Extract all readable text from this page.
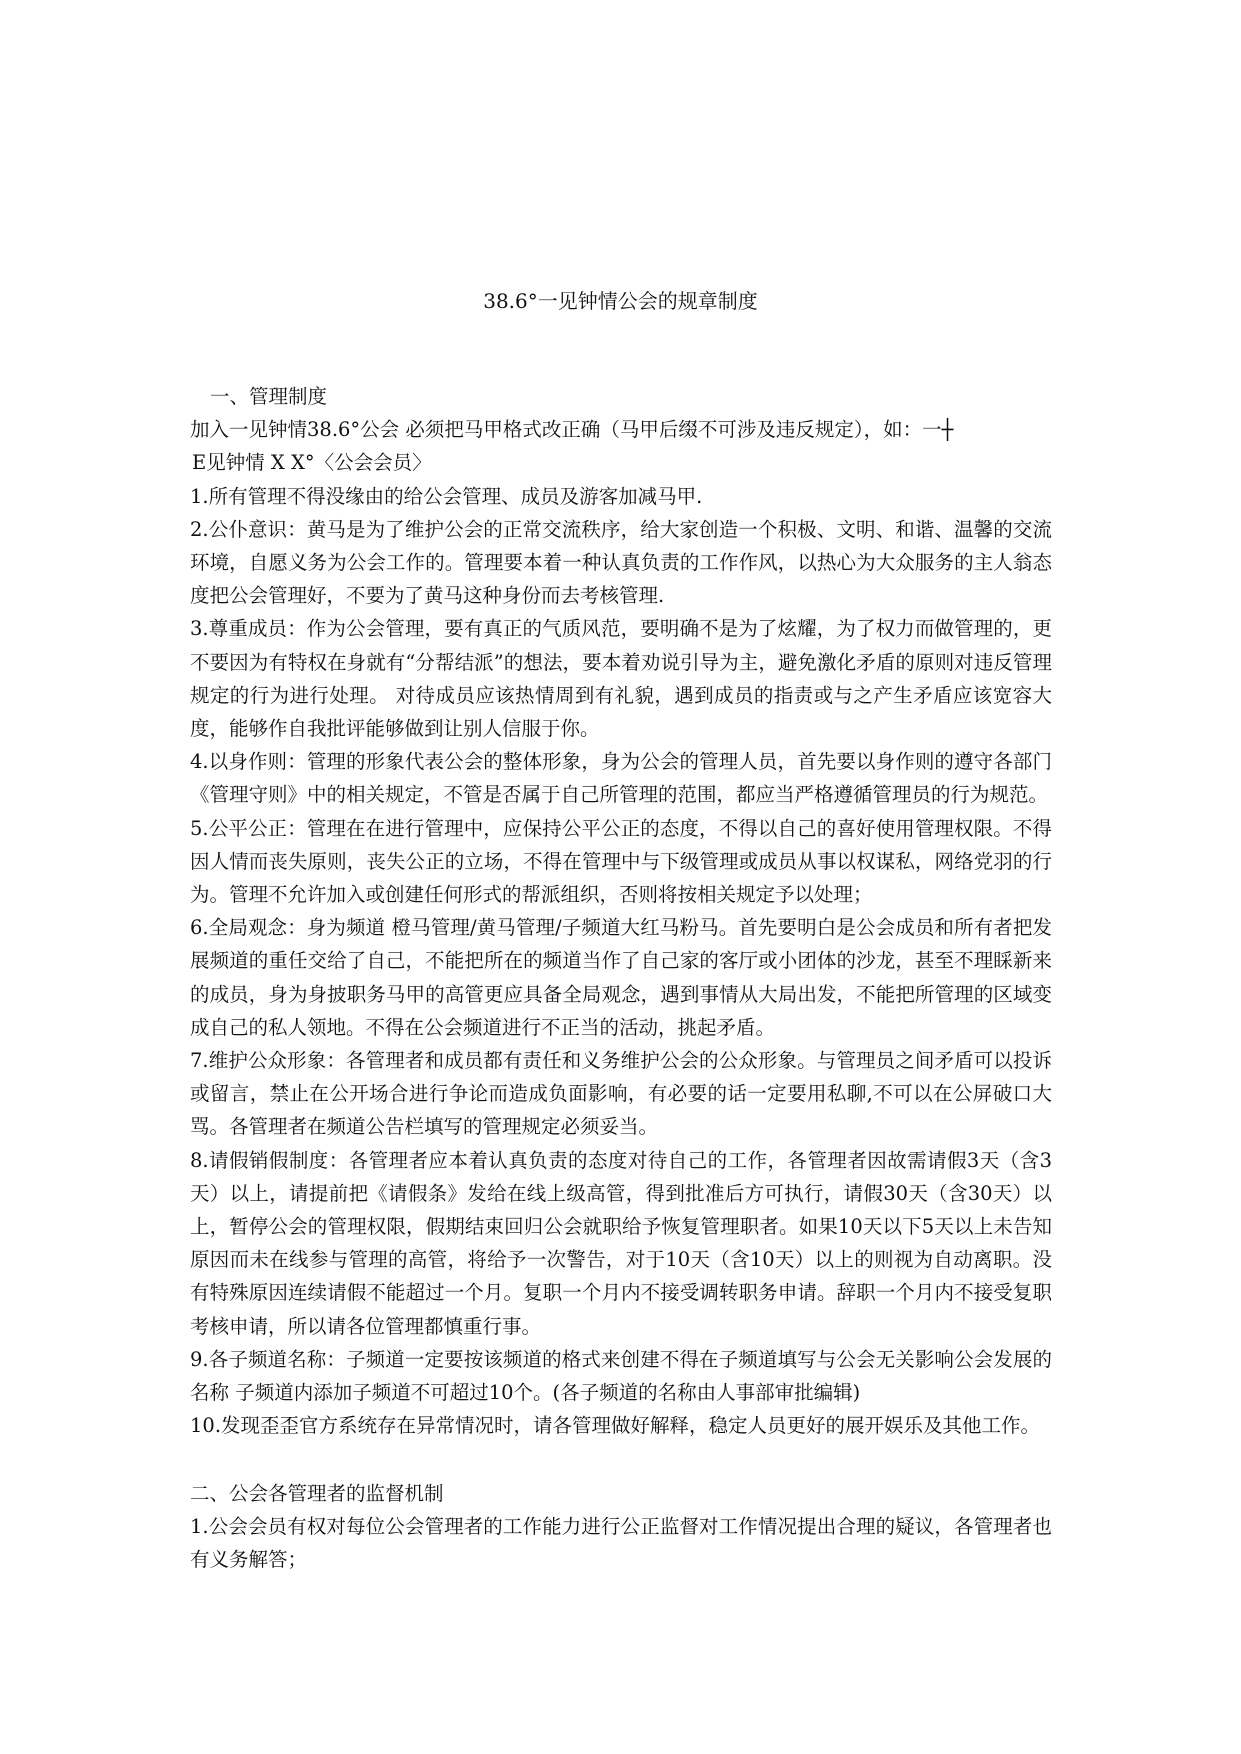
38.6°一见钟情公会的规章制度
一、管理制度

加入一见钟情38.6°公会 必须把马甲格式改正确（马甲后缀不可涉及违反规定），如：一┼

Ε见钟情 Χ Χ°〈公会会员〉

1.所有管理不得没缘由的给公会管理、成员及游客加减马甲.

2.公仆意识：黄马是为了维护公会的正常交流秩序，给大家创造一个积极、文明、和谐、温馨的交流环境，自愿义务为公会工作的。管理要本着一种认真负责的工作作风，以热心为大众服务的主人翁态度把公会管理好，不要为了黄马这种身份而去考核管理.

3.尊重成员：作为公会管理，要有真正的气质风范，要明确不是为了炫耀，为了权力而做管理的，更不要因为有特权在身就有“分帮结派”的想法，要本着劝说引导为主，避免激化矛盾的原则对违反管理规定的行为进行处理。 对待成员应该热情周到有礼貌，遇到成员的指责或与之产生矛盾应该宽容大度，能够作自我批评能够做到让别人信服于你。

4.以身作则：管理的形象代表公会的整体形象，身为公会的管理人员，首先要以身作则的遵守各部门《管理守则》中的相关规定，不管是否属于自己所管理的范围，都应当严格遵循管理员的行为规范。

5.公平公正：管理在在进行管理中，应保持公平公正的态度，不得以自己的喜好使用管理权限。不得因人情而丧失原则，丧失公正的立场，不得在管理中与下级管理或成员从事以权谋私，网络党羽的行为。管理不允许加入或创建任何形式的帮派组织，否则将按相关规定予以处理；

6.全局观念：身为频道 橙马管理/黄马管理/子频道大红马粉马。首先要明白是公会成员和所有者把发展频道的重任交给了自己，不能把所在的频道当作了自己家的客厅或小团体的沙龙，甚至不理睬新来的成员，身为身披职务马甲的高管更应具备全局观念，遇到事情从大局出发，不能把所管理的区域变成自己的私人领地。不得在公会频道进行不正当的活动，挑起矛盾。

7.维护公众形象：各管理者和成员都有责任和义务维护公会的公众形象。与管理员之间矛盾可以投诉或留言，禁止在公开场合进行争论而造成负面影响，有必要的话一定要用私聊,不可以在公屏破口大骂。各管理者在频道公告栏填写的管理规定必须妥当。

8.请假销假制度：各管理者应本着认真负责的态度对待自己的工作，各管理者因故需请假3天（含3天）以上，请提前把《请假条》发给在线上级高管，得到批准后方可执行，请假30天（含30天）以上，暂停公会的管理权限，假期结束回归公会就职给予恢复管理职者。如果10天以下5天以上未告知原因而未在线参与管理的高管，将给予一次警告，对于10天（含10天）以上的则视为自动离职。没有特殊原因连续请假不能超过一个月。复职一个月内不接受调转职务申请。辞职一个月内不接受复职考核申请，所以请各位管理都慎重行事。

9.各子频道名称：子频道一定要按该频道的格式来创建不得在子频道填写与公会无关影响公会发展的名称 子频道内添加子频道不可超过10个。(各子频道的名称由人事部审批编辑)

10.发现歪歪官方系统存在异常情况时，请各管理做好解释，稳定人员更好的展开娱乐及其他工作。

二、公会各管理者的监督机制

1.公会会员有权对每位公会管理者的工作能力进行公正监督对工作情况提出合理的疑议，各管理者也有义务解答；
